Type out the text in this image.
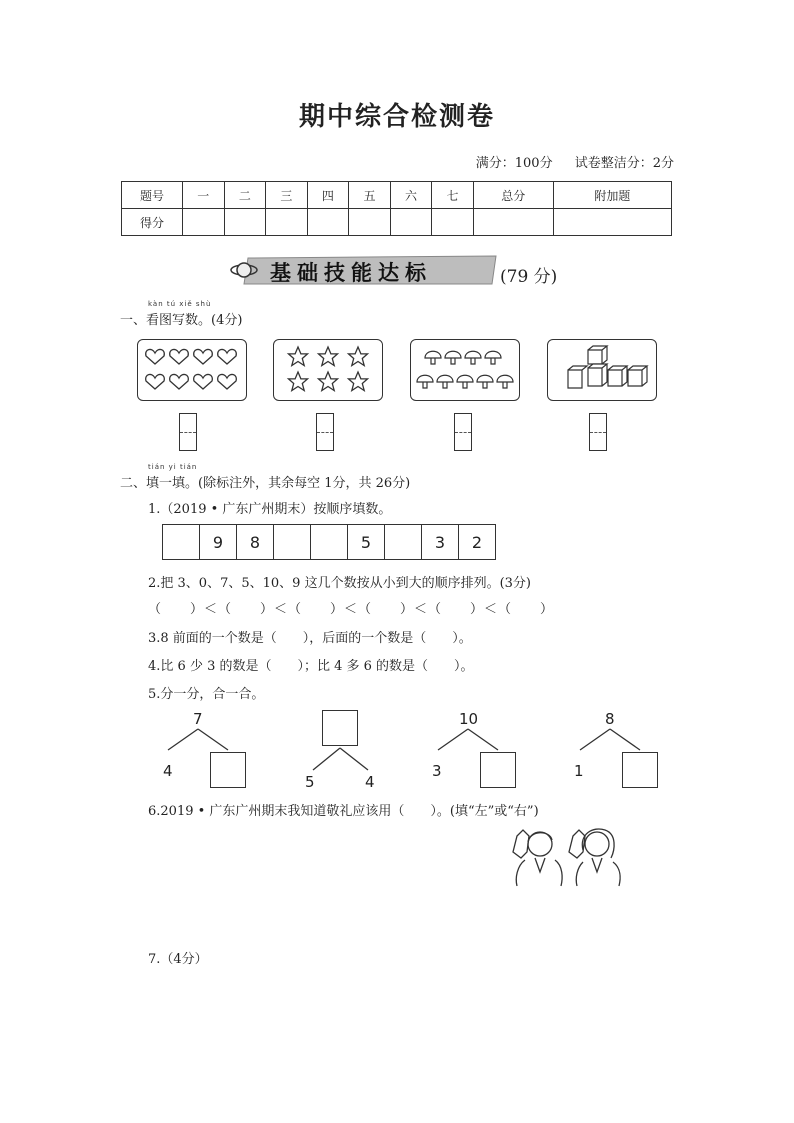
期中综合检测卷
满分：100分 试卷整洁分：2分
题号	一	二	三	四	五	六	七	总分	附加题
得分									
基础技能达标	(79 分)
kàn tú xiě shù
一、看图写数。(4分)
tián yi tián
二、填一填。(除标注外，其余每空 1分，共 26分)
1.（2019 • 广东广州期末）按顺序填数。
	9	8			5		3	2
2.把 3、0、7、5、10、9 这几个数按从小到大的顺序排列。(3分)
（　　）＜（　　）＜（　　）＜（　　）＜（　　）＜（　　）
3.8 前面的一个数是（　　），后面的一个数是（　　）。
4.比 6 少 3 的数是（　　）；比 4 多 6 的数是（　　）。
5.分一分，合一合。
7
4
5	4
10
3
8
1
6.2019 • 广东广州期末我知道敬礼应该用（　　）。(填“左”或“右”)
7.（4分）
